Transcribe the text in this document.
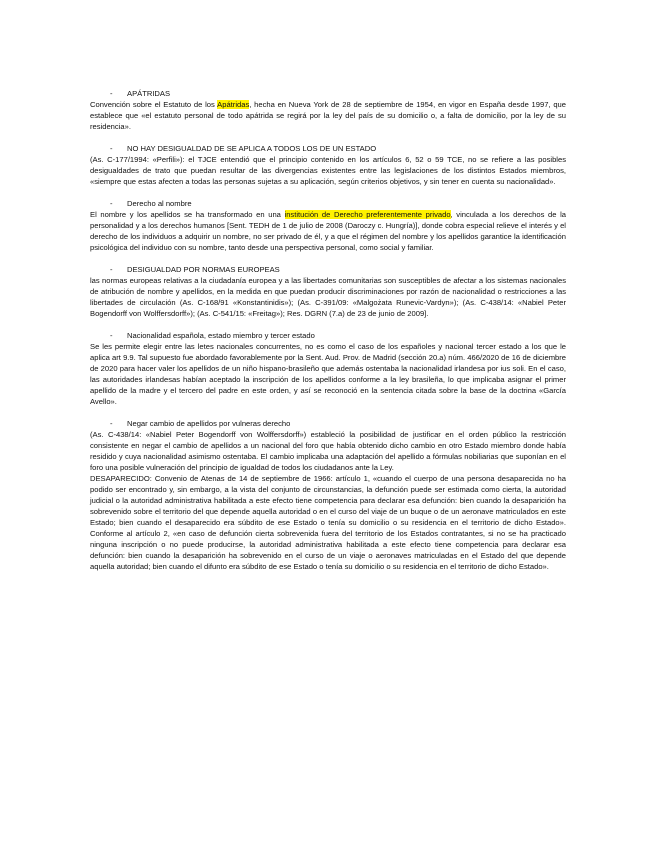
-	APÁTRIDAS

Convención sobre el Estatuto de los Apátridas, hecha en Nueva York de 28 de septiembre de 1954, en vigor en España desde 1997, que establece que «el estatuto personal de todo apátrida se regirá por la ley del país de su domicilio o, a falta de domicilio, por la ley de su residencia».

-	NO HAY DESIGUALDAD DE SE APLICA A TODOS LOS DE UN ESTADO

(As. C-177/1994: «Perfili»): el TJCE entendió que el principio contenido en los artículos 6, 52 o 59 TCE, no se refiere a las posibles desigualdades de trato que puedan resultar de las divergencias existentes entre las legislaciones de los distintos Estados miembros, «siempre que estas afecten a todas las personas sujetas a su aplicación, según criterios objetivos, y sin tener en cuenta su nacionalidad».

-	Derecho al nombre

El nombre y los apellidos se ha transformado en una institución de Derecho preferentemente privado, vinculada a los derechos de la personalidad y a los derechos humanos [Sent. TEDH de 1 de julio de 2008 (Daroczy c. Hungría)], donde cobra especial relieve el interés y el derecho de los individuos a adquirir un nombre, no ser privado de él, y a que el régimen del nombre y los apellidos garantice la identificación psicológica del individuo con su nombre, tanto desde una perspectiva personal, como social y familiar.

-	DESIGUALDAD POR NORMAS EUROPEAS

las normas europeas relativas a la ciudadanía europea y a las libertades comunitarias son susceptibles de afectar a los sistemas nacionales de atribución de nombre y apellidos, en la medida en que puedan producir discriminaciones por razón de nacionalidad o restricciones a las libertades de circulación (As. C-168/91 «Konstantinidis»); (As. C-391/09: «Malgożata Runevic-Vardyn»); (As. C-438/14: «Nabiel Peter Bogendorff von Wolffersdorff»); (As. C-541/15: «Freitag»); Res. DGRN (7.a) de 23 de junio de 2009].

-	Nacionalidad española, estado miembro y tercer estado

Se les permite elegir entre las letes nacionales concurrentes, no es como el caso de los españoles y nacional tercer estado a los que le aplica art 9.9. Tal supuesto fue abordado favorablemente por la Sent. Aud. Prov. de Madrid (sección 20.a) núm. 466/2020 de 16 de diciembre de 2020 para hacer valer los apellidos de un niño hispano-brasileño que además ostentaba la nacionalidad irlandesa por ius soli. En el caso, las autoridades irlandesas habían aceptado la inscripción de los apellidos conforme a la ley brasileña, lo que implicaba asignar el primer apellido de la madre y el tercero del padre en este orden, y así se reconoció en la sentencia citada sobre la base de la doctrina «García Avello».

-	Negar cambio de apellidos por vulneras derecho

(As. C-438/14: «Nabiel Peter Bogendorff von Wolffersdorff») estableció la posibilidad de justificar en el orden público la restricción consistente en negar el cambio de apellidos a un nacional del foro que había obtenido dicho cambio en otro Estado miembro donde había residido y cuya nacionalidad asimismo ostentaba. El cambio implicaba una adaptación del apellido a fórmulas nobiliarias que suponían en el foro una posible vulneración del principio de igualdad de todos los ciudadanos ante la Ley.

DESAPARECIDO: Convenio de Atenas de 14 de septiembre de 1966: artículo 1, «cuando el cuerpo de una persona desaparecida no ha podido ser encontrado y, sin embargo, a la vista del conjunto de circunstancias, la defunción puede ser estimada como cierta, la autoridad judicial o la autoridad administrativa habilitada a este efecto tiene competencia para declarar esa defunción: bien cuando la desaparición ha sobrevenido sobre el territorio del que depende aquella autoridad o en el curso del viaje de un buque o de un aeronave matriculados en este Estado; bien cuando el desaparecido era súbdito de ese Estado o tenía su domicilio o su residencia en el territorio de dicho Estado». Conforme al artículo 2, «en caso de defunción cierta sobrevenida fuera del territorio de los Estados contratantes, si no se ha practicado ninguna inscripción o no puede producirse, la autoridad administrativa habilitada a este efecto tiene competencia para declarar esa defunción: bien cuando la desaparición ha sobrevenido en el curso de un viaje o aeronaves matriculadas en el Estado del que depende aquella autoridad; bien cuando el difunto era súbdito de ese Estado o tenía su domicilio o su residencia en el territorio de dicho Estado».
